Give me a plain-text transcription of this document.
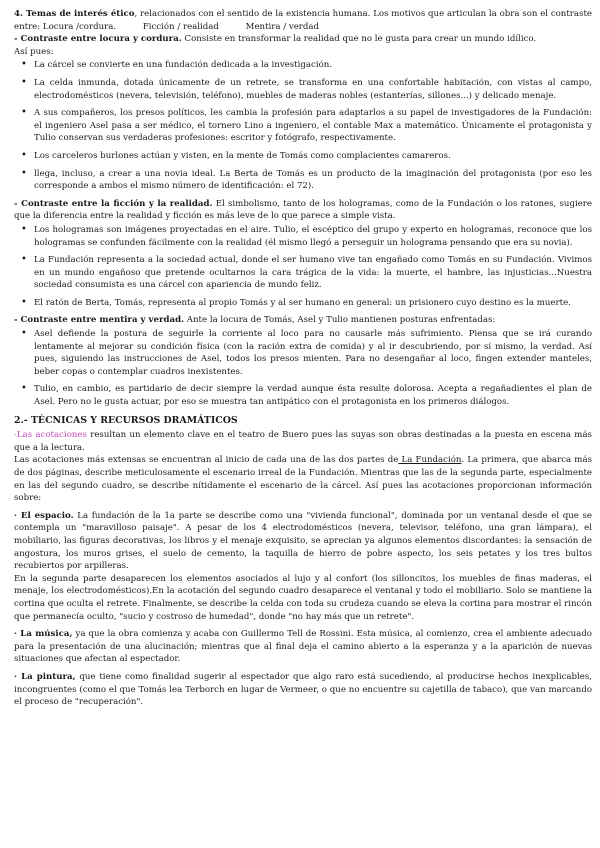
4. Temas de interés ético, relacionados con el sentido de la existencia humana. Los motivos que articulan la obra son el contraste entre: Locura /cordura.	Ficción / realidad	Mentira / verdad

- Contraste entre locura y cordura. Consiste en transformar la realidad que no le gusta para crear un mundo idílico.

Así pues:

• La cárcel se convierte en una fundación dedicada a la investigación.
• La celda inmunda, dotada únicamente de un retrete, se transforma en una confortable habitación, con vistas al campo, electrodomésticos (nevera, televisión, teléfono), muebles de maderas nobles (estanterías, sillones...) y delicado menaje.
• A sus compañeros, los presos políticos, les cambia la profesión para adaptarlos a su papel de investigadores de la Fundación: el ingeniero Asel pasa a ser médico, el tornero Lino a ingeniero, el contable Max a matemático. Únicamente el protagonista y Tulio conservan sus verdaderas profesiones: escritor y fotógrafo, respectivamente.
• Los carceleros burlones actúan y visten, en la mente de Tomás como complacientes camareros.
• llega, incluso, a crear a una novia ideal. La Berta de Tomás es un producto de la imaginación del protagonista (por eso les corresponde a ambos el mismo número de identificación: el 72).

- Contraste entre la ficción y la realidad. El simbolismo, tanto de los hologramas, como de la Fundación o los ratones, sugiere que la diferencia entre la realidad y ficción es más leve de lo que parece a simple vista.

• Los hologramas son imágenes proyectadas en el aire. Tulio, el escéptico del grupo y experto en hologramas, reconoce que los hologramas se confunden fácilmente con la realidad (él mismo llegó a perseguir un holograma pensando que era su novia).
• La Fundación representa a la sociedad actual, donde el ser humano vive tan engañado como Tomás en su Fundación. Vivimos en un mundo engañoso que pretende ocultarnos la cara trágica de la vida: la muerte, el hambre, las injusticias...Nuestra sociedad consumista es una cárcel con apariencia de mundo feliz.
• El ratón de Berta, Tomás, representa al propio Tomás y al ser humano en general: un prisionero cuyo destino es la muerte.

- Contraste entre mentira y verdad. Ante la locura de Tomás, Asel y Tulio mantienen posturas enfrentadas:

• Asel defiende la postura de seguirle la corriente al loco para no causarle más sufrimiento. Piensa que se irá curando lentamente al mejorar su condición física (con la ración extra de comida) y al ir descubriendo, por sí mismo, la verdad. Así pues, siguiendo las instrucciones de Asel, todos los presos mienten. Para no desengañar al loco, fingen extender manteles, beber copas o contemplar cuadros inexistentes.
• Tulio, en cambio, es partidario de decir siempre la verdad aunque ésta resulte dolorosa. Acepta a regañadientes el plan de Asel. Pero no le gusta actuar, por eso se muestra tan antipático con el protagonista en los primeros diálogos.

2.- TÉCNICAS Y RECURSOS DRAMÁTICOS

-Las acotaciones resultan un elemento clave en el teatro de Buero pues las suyas son obras destinadas a la puesta en escena más que a la lectura.

Las acotaciones más extensas se encuentran al inicio de cada una de las dos partes de La Fundación. La primera, que abarca más de dos páginas, describe meticulosamente el escenario irreal de la Fundación. Mientras que las de la segunda parte, especialmente en las del segundo cuadro, se describe nítidamente el escenario de la cárcel. Así pues las acotaciones proporcionan información sobre:

· El espacio. La fundación de la 1a parte se describe como una "vivienda funcional", dominada por un ventanal desde el que se contempla un "maravilloso paisaje". A pesar de los 4 electrodomésticos (nevera, televisor, teléfono, una gran lámpara), el mobiliario, las figuras decorativas, los libros y el menaje exquisito, se aprecian ya algunos elementos discordantes: la sensación de angostura, los muros grises, el suelo de cemento, la taquilla de hierro de pobre aspecto, los seis petates y los tres bultos recubiertos por arpilleras.

En la segunda parte desaparecen los elementos asociados al lujo y al confort (los silloncitos, los muebles de finas maderas, el menaje, los electrodomésticos).En la acotación del segundo cuadro desaparece el ventanal y todo el mobiliario. Solo se mantiene la cortina que oculta el retrete. Finalmente, se describe la celda con toda su crudeza cuando se eleva la cortina para mostrar el rincón que permanecía oculto, "sucio y costroso de humedad", donde "no hay más que un retrete".

· La música, ya que la obra comienza y acaba con Guillermo Tell de Rossini. Esta música, al comienzo, crea el ambiente adecuado para la presentación de una alucinación; mientras que al final deja el camino abierto a la esperanza y a la aparición de nuevas situaciones que afectan al espectador.

· La pintura, que tiene como finalidad sugerir al espectador que algo raro está sucediendo, al producirse hechos inexplicables, incongruentes (como el que Tomás lea Terborch en lugar de Vermeer, o que no encuentre su cajetilla de tabaco), que van marcando el proceso de "recuperación".
